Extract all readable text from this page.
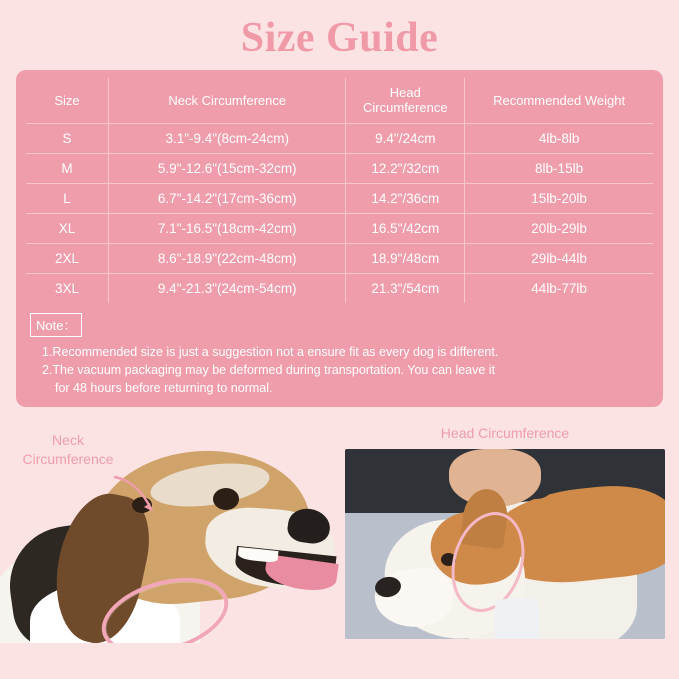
Size Guide
Size	Neck Circumference	Head Circumference	Recommended Weight
S	3.1"-9.4"(8cm-24cm)	9.4"/24cm	4lb-8lb
M	5.9"-12.6"(15cm-32cm)	12.2"/32cm	8lb-15lb
L	6.7"-14.2"(17cm-36cm)	14.2"/36cm	15lb-20lb
XL	7.1"-16.5"(18cm-42cm)	16.5"/42cm	20lb-29lb
2XL	8.6"-18.9"(22cm-48cm)	18.9"/48cm	29lb-44lb
3XL	9.4"-21.3"(24cm-54cm)	21.3"/54cm	44lb-77lb
Note：
1.Recommended size is just a suggestion not a ensure fit as every dog is different.
2.The vacuum packaging may be deformed during transportation. You can leave it
for 48 hours before returning to normal.
Neck
Circumference
Head Circumference
